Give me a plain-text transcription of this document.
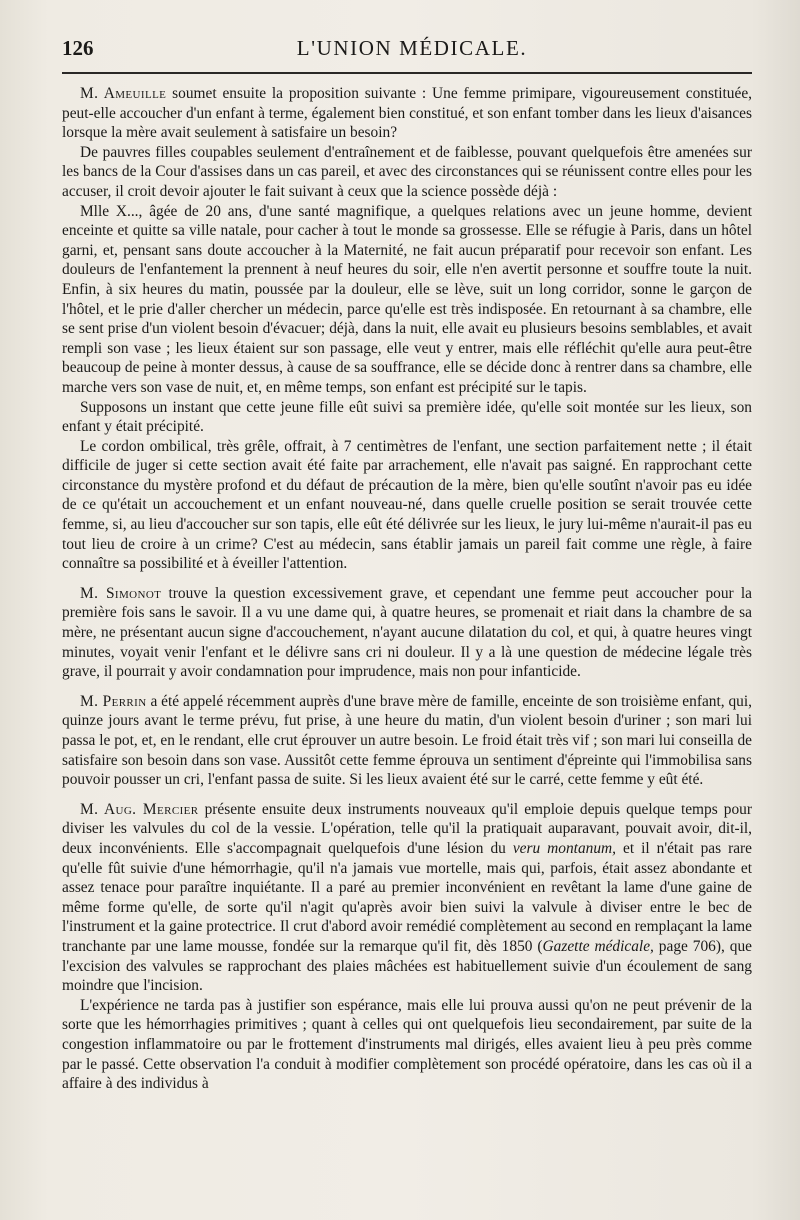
126	L'UNION MÉDICALE.

M. Ameuille soumet ensuite la proposition suivante : Une femme primipare, vigoureusement constituée, peut-elle accoucher d'un enfant à terme, également bien constitué, et son enfant tomber dans les lieux d'aisances lorsque la mère avait seulement à satisfaire un besoin?

De pauvres filles coupables seulement d'entraînement et de faiblesse, pouvant quelquefois être amenées sur les bancs de la Cour d'assises dans un cas pareil, et avec des circonstances qui se réunissent contre elles pour les accuser, il croit devoir ajouter le fait suivant à ceux que la science possède déjà :

Mlle X..., âgée de 20 ans, d'une santé magnifique, a quelques relations avec un jeune homme, devient enceinte et quitte sa ville natale, pour cacher à tout le monde sa grossesse. Elle se réfugie à Paris, dans un hôtel garni, et, pensant sans doute accoucher à la Maternité, ne fait aucun préparatif pour recevoir son enfant. Les douleurs de l'enfantement la prennent à neuf heures du soir, elle n'en avertit personne et souffre toute la nuit. Enfin, à six heures du matin, poussée par la douleur, elle se lève, suit un long corridor, sonne le garçon de l'hôtel, et le prie d'aller chercher un médecin, parce qu'elle est très indisposée. En retournant à sa chambre, elle se sent prise d'un violent besoin d'évacuer; déjà, dans la nuit, elle avait eu plusieurs besoins semblables, et avait rempli son vase ; les lieux étaient sur son passage, elle veut y entrer, mais elle réfléchit qu'elle aura peut-être beaucoup de peine à monter dessus, à cause de sa souffrance, elle se décide donc à rentrer dans sa chambre, elle marche vers son vase de nuit, et, en même temps, son enfant est précipité sur le tapis.

Supposons un instant que cette jeune fille eût suivi sa première idée, qu'elle soit montée sur les lieux, son enfant y était précipité.

Le cordon ombilical, très grêle, offrait, à 7 centimètres de l'enfant, une section parfaitement nette ; il était difficile de juger si cette section avait été faite par arrachement, elle n'avait pas saigné. En rapprochant cette circonstance du mystère profond et du défaut de précaution de la mère, bien qu'elle soutînt n'avoir pas eu idée de ce qu'était un accouchement et un enfant nouveau-né, dans quelle cruelle position se serait trouvée cette femme, si, au lieu d'accoucher sur son tapis, elle eût été délivrée sur les lieux, le jury lui-même n'aurait-il pas eu tout lieu de croire à un crime? C'est au médecin, sans établir jamais un pareil fait comme une règle, à faire connaître sa possibilité et à éveiller l'attention.

M. Simonot trouve la question excessivement grave, et cependant une femme peut accoucher pour la première fois sans le savoir. Il a vu une dame qui, à quatre heures, se promenait et riait dans la chambre de sa mère, ne présentant aucun signe d'accouchement, n'ayant aucune dilatation du col, et qui, à quatre heures vingt minutes, voyait venir l'enfant et le délivre sans cri ni douleur. Il y a là une question de médecine légale très grave, il pourrait y avoir condamnation pour imprudence, mais non pour infanticide.

M. Perrin a été appelé récemment auprès d'une brave mère de famille, enceinte de son troisième enfant, qui, quinze jours avant le terme prévu, fut prise, à une heure du matin, d'un violent besoin d'uriner ; son mari lui passa le pot, et, en le rendant, elle crut éprouver un autre besoin. Le froid était très vif ; son mari lui conseilla de satisfaire son besoin dans son vase. Aussitôt cette femme éprouva un sentiment d'épreinte qui l'immobilisa sans pouvoir pousser un cri, l'enfant passa de suite. Si les lieux avaient été sur le carré, cette femme y eût été.

M. Aug. Mercier présente ensuite deux instruments nouveaux qu'il emploie depuis quelque temps pour diviser les valvules du col de la vessie. L'opération, telle qu'il la pratiquait auparavant, pouvait avoir, dit-il, deux inconvénients. Elle s'accompagnait quelquefois d'une lésion du veru montanum, et il n'était pas rare qu'elle fût suivie d'une hémorrhagie, qu'il n'a jamais vue mortelle, mais qui, parfois, était assez abondante et assez tenace pour paraître inquiétante. Il a paré au premier inconvénient en revêtant la lame d'une gaine de même forme qu'elle, de sorte qu'il n'agit qu'après avoir bien suivi la valvule à diviser entre le bec de l'instrument et la gaine protectrice. Il crut d'abord avoir remédié complètement au second en remplaçant la lame tranchante par une lame mousse, fondée sur la remarque qu'il fit, dès 1850 (Gazette médicale, page 706), que l'excision des valvules se rapprochant des plaies mâchées est habituellement suivie d'un écoulement de sang moindre que l'incision.

L'expérience ne tarda pas à justifier son espérance, mais elle lui prouva aussi qu'on ne peut prévenir de la sorte que les hémorrhagies primitives ; quant à celles qui ont quelquefois lieu secondairement, par suite de la congestion inflammatoire ou par le frottement d'instruments mal dirigés, elles avaient lieu à peu près comme par le passé. Cette observation l'a conduit à modifier complètement son procédé opératoire, dans les cas où il a affaire à des individus à
